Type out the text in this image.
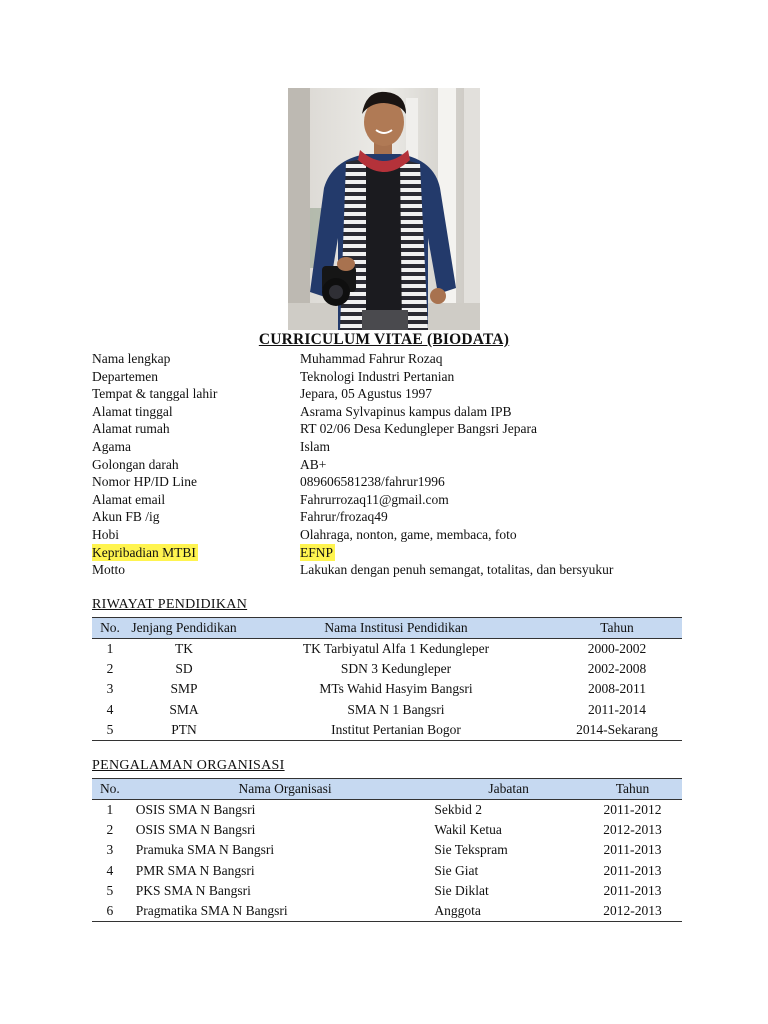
CURRICULUM VITAE (BIODATA)
Nama lengkap	Muhammad Fahrur Rozaq
Departemen	Teknologi Industri Pertanian
Tempat & tanggal lahir	Jepara, 05 Agustus 1997
Alamat tinggal	Asrama Sylvapinus kampus dalam IPB
Alamat rumah	RT 02/06 Desa Kedungleper Bangsri Jepara
Agama	Islam
Golongan darah	AB+
Nomor HP/ID Line	089606581238/fahrur1996
Alamat email	Fahrurrozaq11@gmail.com
Akun FB /ig	Fahrur/frozaq49
Hobi	Olahraga, nonton, game, membaca, foto
Kepribadian MTBI	EFNP
Motto	Lakukan dengan penuh semangat, totalitas, dan bersyukur
RIWAYAT PENDIDIKAN
No.	Jenjang Pendidikan	Nama Institusi Pendidikan	Tahun
1	TK	TK Tarbiyatul Alfa 1 Kedungleper	2000-2002
2	SD	SDN 3 Kedungleper	2002-2008
3	SMP	MTs Wahid Hasyim Bangsri	2008-2011
4	SMA	SMA N 1 Bangsri	2011-2014
5	PTN	Institut Pertanian Bogor	2014-Sekarang
PENGALAMAN ORGANISASI
No.	Nama Organisasi	Jabatan	Tahun
1	OSIS SMA N Bangsri	Sekbid 2	2011-2012
2	OSIS SMA N Bangsri	Wakil Ketua	2012-2013
3	Pramuka SMA N Bangsri	Sie Tekspram	2011-2013
4	PMR SMA N Bangsri	Sie Giat	2011-2013
5	PKS SMA N Bangsri	Sie Diklat	2011-2013
6	Pragmatika SMA N Bangsri	Anggota	2012-2013
